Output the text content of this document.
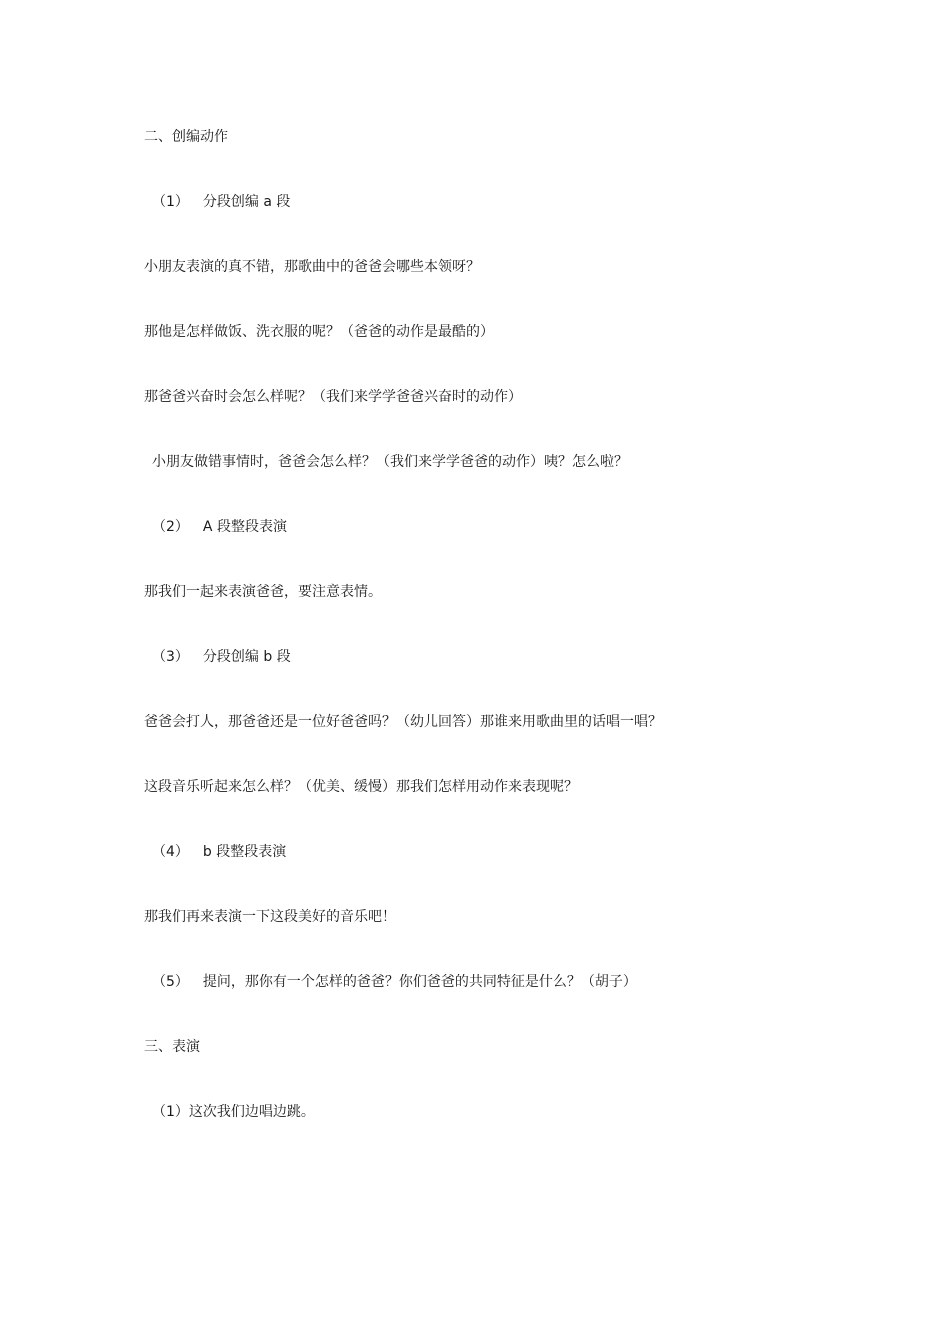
二、创编动作
（1） 分段创编 a 段
小朋友表演的真不错，那歌曲中的爸爸会哪些本领呀？
那他是怎样做饭、洗衣服的呢？（爸爸的动作是最酷的）
那爸爸兴奋时会怎么样呢？（我们来学学爸爸兴奋时的动作）
小朋友做错事情时，爸爸会怎么样？（我们来学学爸爸的动作）咦？怎么啦？
（2） A 段整段表演
那我们一起来表演爸爸，要注意表情。
（3） 分段创编 b 段
爸爸会打人，那爸爸还是一位好爸爸吗？（幼儿回答）那谁来用歌曲里的话唱一唱？
这段音乐听起来怎么样？（优美、缓慢）那我们怎样用动作来表现呢？
（4） b 段整段表演
那我们再来表演一下这段美好的音乐吧！
（5） 提问，那你有一个怎样的爸爸？你们爸爸的共同特征是什么？（胡子）
三、表演
（1）这次我们边唱边跳。
